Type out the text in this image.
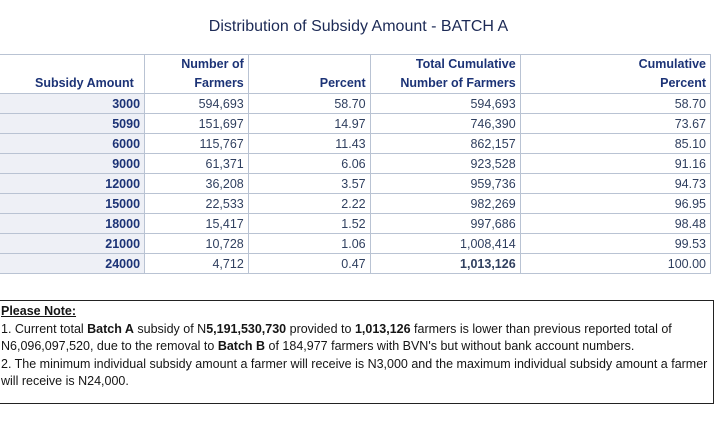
Distribution of Subsidy Amount - BATCH A
	Number of		Total Cumulative	Cumulative
Subsidy Amount	Farmers	Percent	Number of Farmers	Percent
3000	594,693	58.70	594,693	58.70
5090	151,697	14.97	746,390	73.67
6000	115,767	11.43	862,157	85.10
9000	61,371	6.06	923,528	91.16
12000	36,208	3.57	959,736	94.73
15000	22,533	2.22	982,269	96.95
18000	15,417	1.52	997,686	98.48
21000	10,728	1.06	1,008,414	99.53
24000	4,712	0.47	1,013,126	100.00
Please Note:

1. Current total Batch A subsidy of N5,191,530,730 provided to 1,013,126 farmers is lower than previous reported total of N6,096,097,520, due to the removal to Batch B of 184,977 farmers with BVN's but without bank account numbers.

2. The minimum individual subsidy amount a farmer will receive is N3,000 and the maximum individual subsidy amount a farmer will receive is N24,000.
